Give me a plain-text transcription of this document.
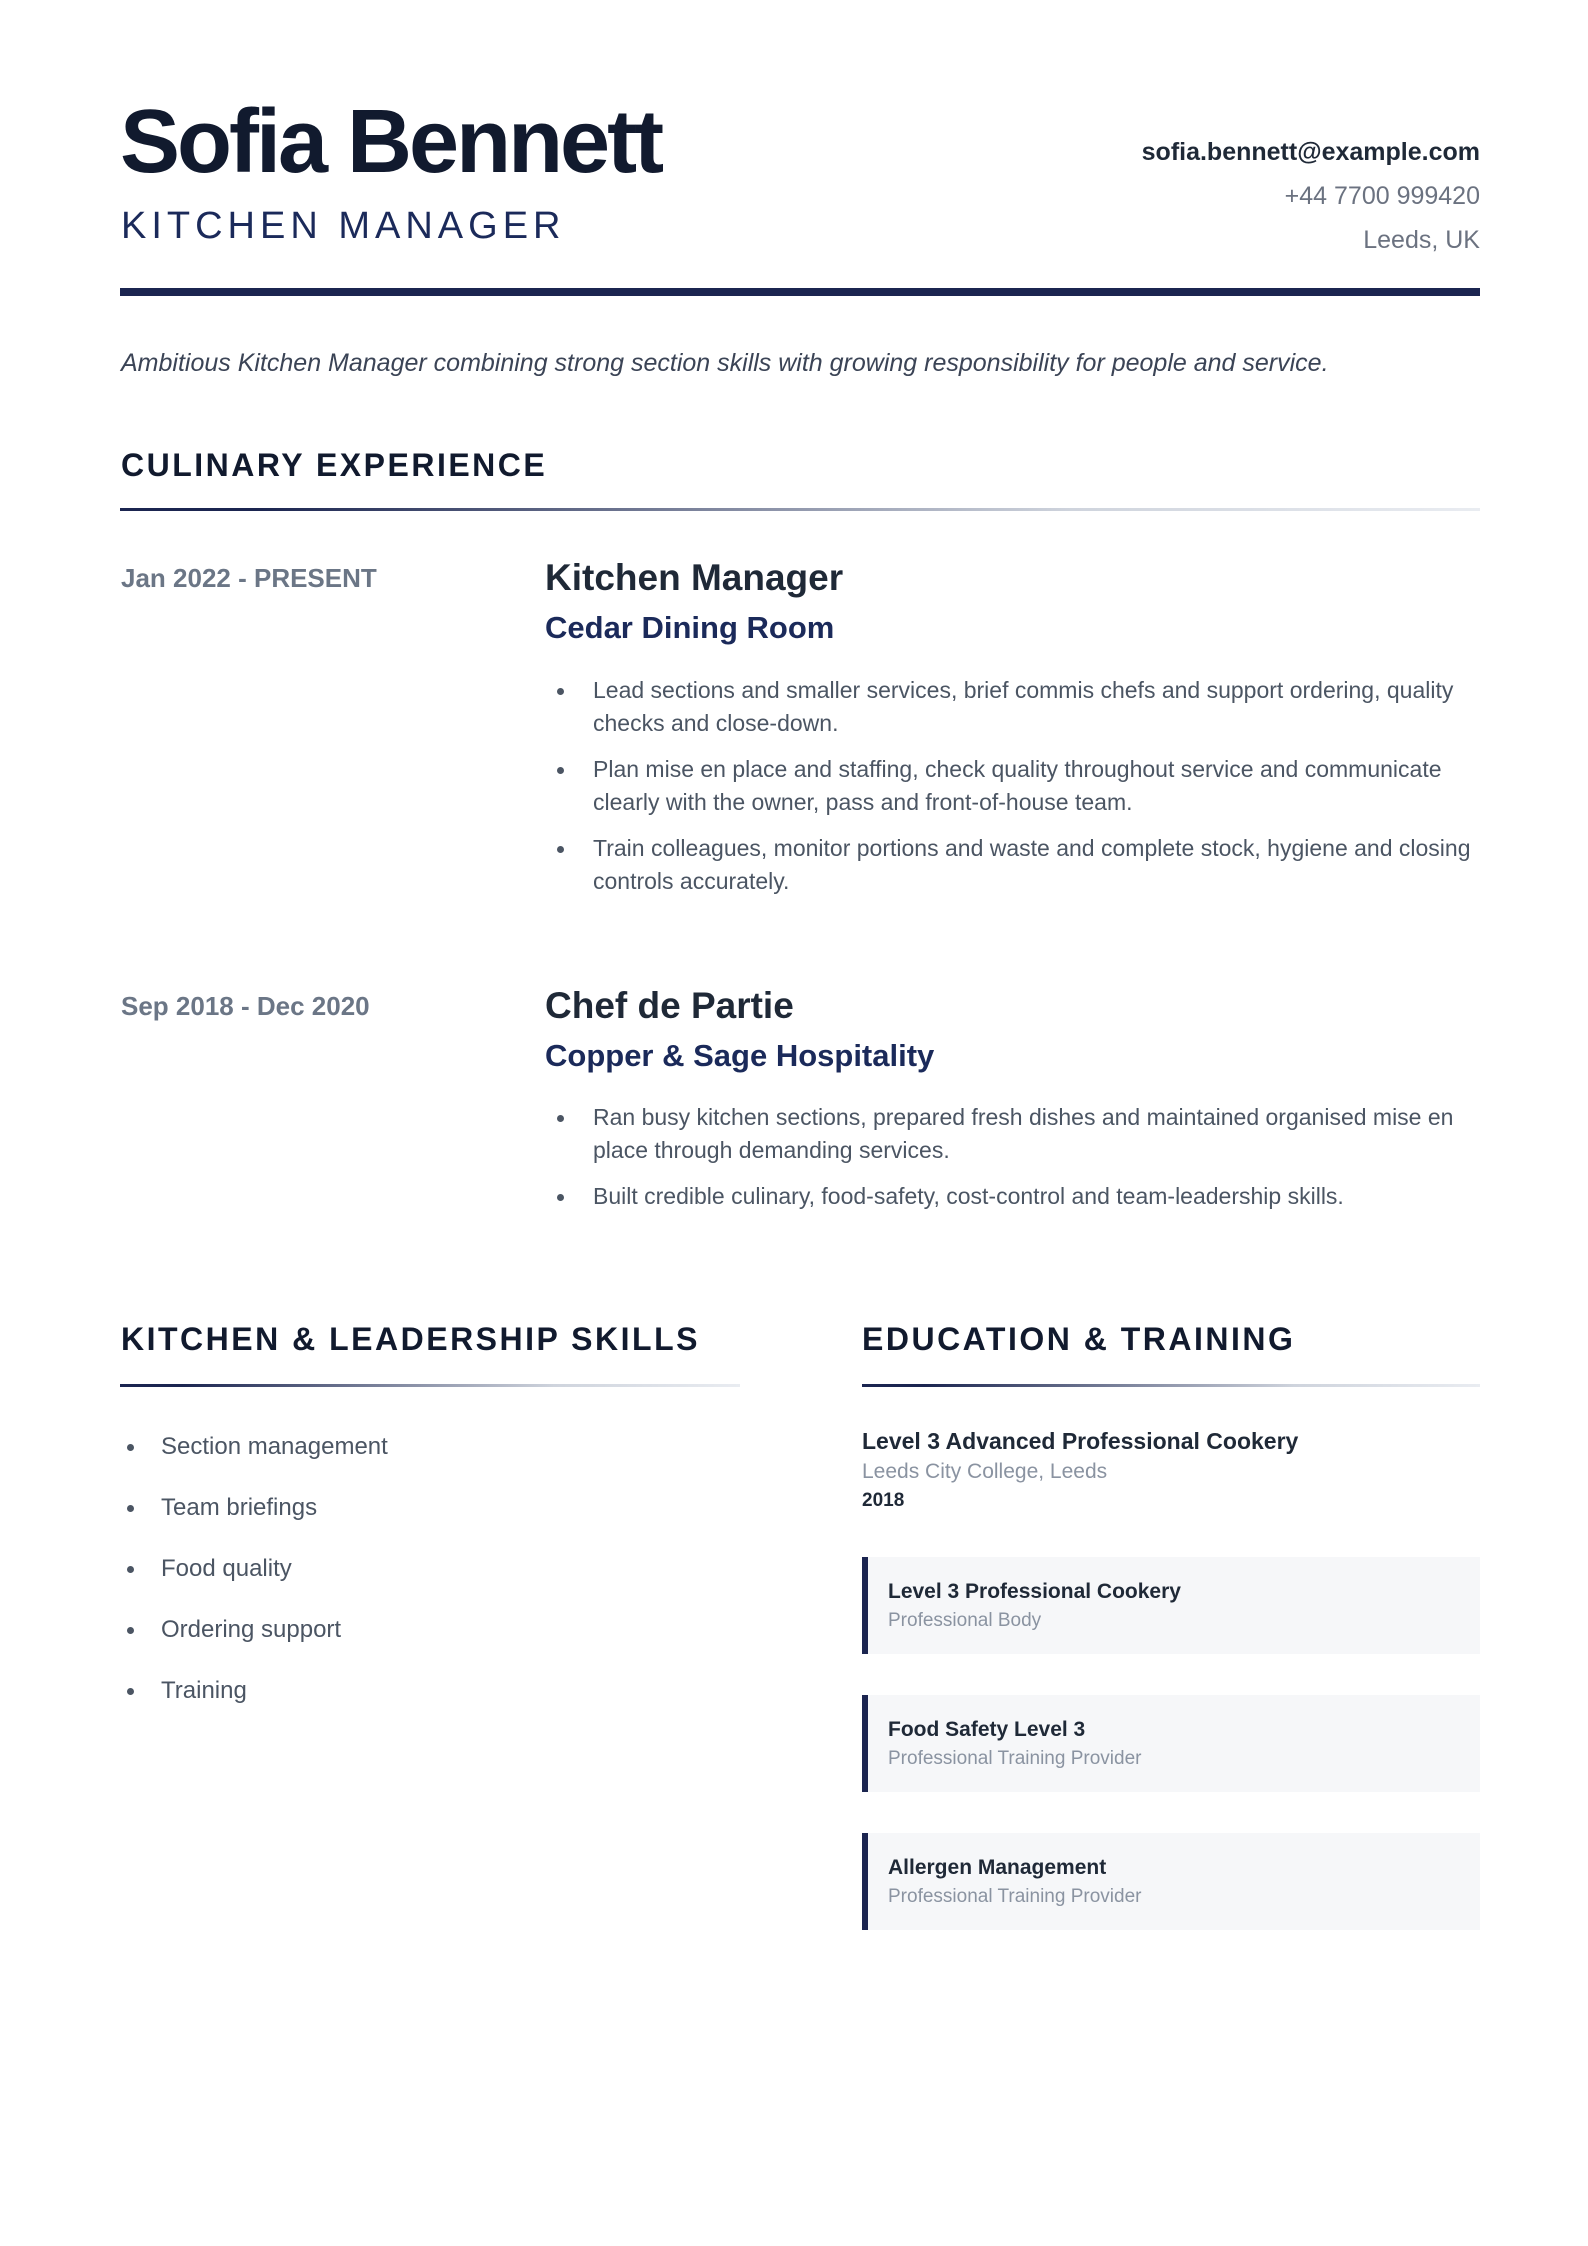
Sofia Bennett
KITCHEN MANAGER
sofia.bennett@example.com
+44 7700 999420
Leeds, UK
Ambitious Kitchen Manager combining strong section skills with growing responsibility for people and service.
CULINARY EXPERIENCE
Jan 2022 - PRESENT	Kitchen Manager
Cedar Dining Room
Lead sections and smaller services, brief commis chefs and support ordering, quality checks and close-down.
Plan mise en place and staffing, check quality throughout service and communicate clearly with the owner, pass and front-of-house team.
Train colleagues, monitor portions and waste and complete stock, hygiene and closing controls accurately.
Sep 2018 - Dec 2020	Chef de Partie
Copper & Sage Hospitality
Ran busy kitchen sections, prepared fresh dishes and maintained organised mise en place through demanding services.
Built credible culinary, food-safety, cost-control and team-leadership skills.
KITCHEN & LEADERSHIP SKILLS
Section management
Team briefings
Food quality
Ordering support
Training
EDUCATION & TRAINING
Level 3 Advanced Professional Cookery
Leeds City College, Leeds
2018
Level 3 Professional Cookery
Professional Body
Food Safety Level 3
Professional Training Provider
Allergen Management
Professional Training Provider
